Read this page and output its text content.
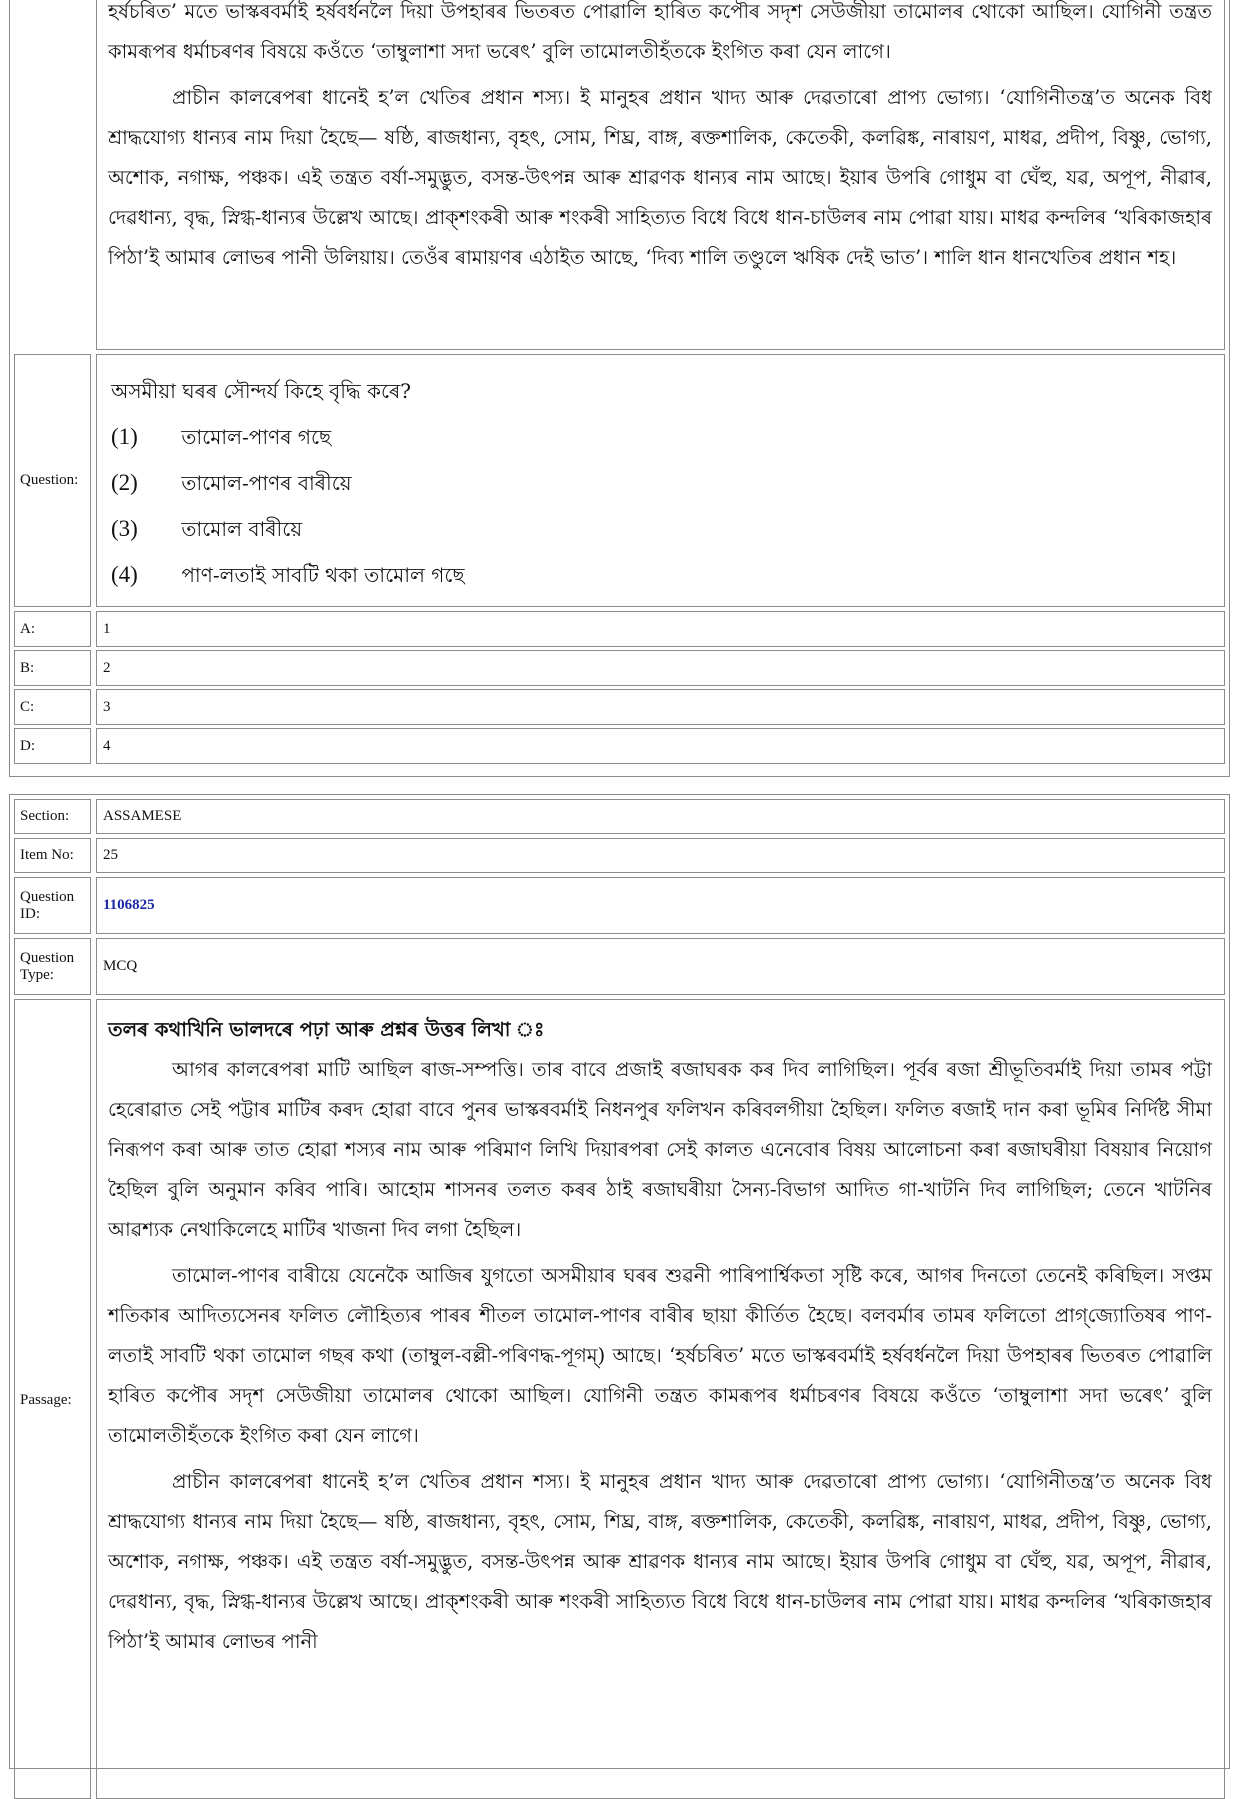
হৰ্ষচৰিত’ মতে ভাস্কৰবৰ্মাই হৰ্ষবৰ্ধনলৈ দিয়া উপহাৰৰ ভিতৰত পোৱালি হাৰিত কপৌৰ সদৃশ সেউজীয়া তামোলৰ থোকো আছিল। যোগিনী তন্ত্রত কামৰূপৰ ধৰ্মাচৰণৰ বিষয়ে কওঁতে ‘তাম্বুলাশা সদা ভৰেৎ’ বুলি তামোলতীহঁতকে ইংগিত কৰা যেন লাগে।

প্রাচীন কালৰেপৰা ধানেই হ’ল খেতিৰ প্ৰধান শস্য। ই মানুহৰ প্ৰধান খাদ্য আৰু দেৱতাৰো প্ৰাপ্য ভোগ্য। ‘যোগিনীতন্ত্ৰ’ত অনেক বিধ শ্ৰাদ্ধযোগ্য ধান্যৰ নাম দিয়া হৈছে— ষষ্ঠি, ৰাজধান্য, বৃহৎ, সোম, শিঘ্ৰ, বাঙ্গ, ৰক্তশালিক, কেতেকী, কলৱিঙ্ক, নাৰায়ণ, মাধৱ, প্ৰদীপ, বিষ্ণু, ভোগ্য, অশোক, নগাক্ষ, পঞ্চক। এই তন্ত্রত বৰ্ষা-সমুদ্ভুত, বসন্ত-উৎপন্ন আৰু শ্ৰাৱণক ধান্যৰ নাম আছে। ইয়াৰ উপৰি গোধুম বা ঘেঁহু, যৱ, অপূপ, নীৱাৰ, দেৱধান্য, বৃদ্ধ, স্নিগ্ধ-ধান্যৰ উল্লেখ আছে। প্ৰাক্‌শংকৰী আৰু শংকৰী সাহিত্যত বিধে বিধে ধান-চাউলৰ নাম পোৱা যায়। মাধৱ কন্দলিৰ ‘খৰিকাজহাৰ পিঠা’ই আমাৰ লোভৰ পানী উলিয়ায়। তেওঁৰ ৰামায়ণৰ এঠাইত আছে, ‘দিব্য শালি তণ্ডুলে ঋষিক দেই ভাত’। শালি ধান ধানখেতিৰ প্ৰধান শহ।

Question:
অসমীয়া ঘৰৰ সৌন্দৰ্য কিহে বৃদ্ধি কৰে?
(1) তামোল-পাণৰ গছে
(2) তামোল-পাণৰ বাৰীয়ে
(3) তামোল বাৰীয়ে
(4) পাণ-লতাই সাবটি থকা তামোল গছে
A:	1
B:	2
C:	3
D:	4
Section:	ASSAMESE
Item No:	25
Question ID:
1106825
Question Type:
MCQ
Passage:

তলৰ কথাখিনি ভালদৰে পঢ়া আৰু প্ৰশ্নৰ উত্তৰ লিখা ঃ

আগৰ কালৰেপৰা মাটি আছিল ৰাজ-সম্পত্তি। তাৰ বাবে প্ৰজাই ৰজাঘৰক কৰ দিব লাগিছিল। পূৰ্বৰ ৰজা শ্ৰীভূতিবৰ্মাই দিয়া তামৰ পট্টা হেৰোৱাত সেই পট্টাৰ মাটিৰ কৰদ হোৱা বাবে পুনৰ ভাস্কৰবৰ্মাই নিধনপুৰ ফলিখন কৰিবলগীয়া হৈছিল। ফলিত ৰজাই দান কৰা ভূমিৰ নিৰ্দিষ্ট সীমা নিৰূপণ কৰা আৰু তাত হোৱা শস্যৰ নাম আৰু পৰিমাণ লিখি দিয়াৰপৰা সেই কালত এনেবোৰ বিষয় আলোচনা কৰা ৰজাঘৰীয়া বিষয়াৰ নিয়োগ হৈছিল বুলি অনুমান কৰিব পাৰি। আহোম শাসনৰ তলত কৰৰ ঠাই ৰজাঘৰীয়া সৈন্য-বিভাগ আদিত গা-খাটনি দিব লাগিছিল; তেনে খাটনিৰ আৱশ্যক নেথাকিলেহে মাটিৰ খাজনা দিব লগা হৈছিল।

তামোল-পাণৰ বাৰীয়ে যেনেকৈ আজিৰ যুগতো অসমীয়াৰ ঘৰৰ শুৱনী পাৰিপাৰ্শ্বিকতা সৃষ্টি কৰে, আগৰ দিনতো তেনেই কৰিছিল। সপ্তম শতিকাৰ আদিত্যসেনৰ ফলিত লৌহিত্যৰ পাৰৰ শীতল তামোল-পাণৰ বাৰীৰ ছায়া কীৰ্তিত হৈছে। বলবৰ্মাৰ তামৰ ফলিতো প্ৰাগ্‌জ্যোতিষৰ পাণ-লতাই সাবটি থকা তামোল গছৰ কথা (তাম্বুল-বল্লী-পৰিণদ্ধ-পূগম্) আছে। ‘হৰ্ষচৰিত’ মতে ভাস্কৰবৰ্মাই হৰ্ষবৰ্ধনলৈ দিয়া উপহাৰৰ ভিতৰত পোৱালি হাৰিত কপৌৰ সদৃশ সেউজীয়া তামোলৰ থোকো আছিল। যোগিনী তন্ত্রত কামৰূপৰ ধৰ্মাচৰণৰ বিষয়ে কওঁতে ‘তাম্বুলাশা সদা ভৰেৎ’ বুলি তামোলতীহঁতকে ইংগিত কৰা যেন লাগে।

প্রাচীন কালৰেপৰা ধানেই হ’ল খেতিৰ প্ৰধান শস্য। ই মানুহৰ প্ৰধান খাদ্য আৰু দেৱতাৰো প্ৰাপ্য ভোগ্য। ‘যোগিনীতন্ত্ৰ’ত অনেক বিধ শ্ৰাদ্ধযোগ্য ধান্যৰ নাম দিয়া হৈছে— ষষ্ঠি, ৰাজধান্য, বৃহৎ, সোম, শিঘ্ৰ, বাঙ্গ, ৰক্তশালিক, কেতেকী, কলৱিঙ্ক, নাৰায়ণ, মাধৱ, প্ৰদীপ, বিষ্ণু, ভোগ্য, অশোক, নগাক্ষ, পঞ্চক। এই তন্ত্রত বৰ্ষা-সমুদ্ভুত, বসন্ত-উৎপন্ন আৰু শ্ৰাৱণক ধান্যৰ নাম আছে। ইয়াৰ উপৰি গোধুম বা ঘেঁহু, যৱ, অপূপ, নীৱাৰ, দেৱধান্য, বৃদ্ধ, স্নিগ্ধ-ধান্যৰ উল্লেখ আছে। প্ৰাক্‌শংকৰী আৰু শংকৰী সাহিত্যত বিধে বিধে ধান-চাউলৰ নাম পোৱা যায়। মাধৱ কন্দলিৰ ‘খৰিকাজহাৰ পিঠা’ই আমাৰ লোভৰ পানী
